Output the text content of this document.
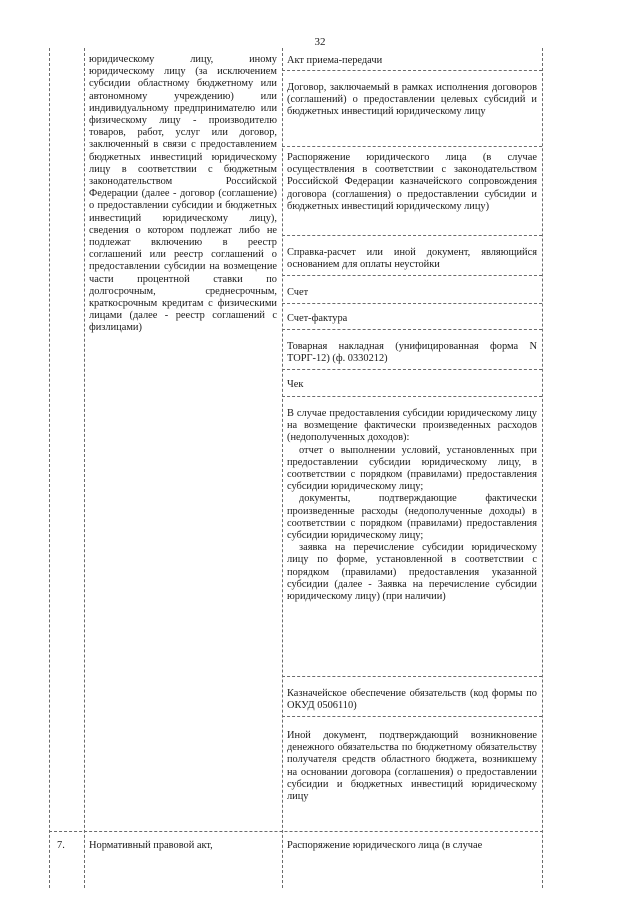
32
юридическому лицу, иному юридическому лицу (за исключением субсидии областному бюджетному или автономному учреждению) или индивидуальному предпринимателю или физическому лицу - производителю товаров, работ, услуг или договор, заключенный в связи с предоставлением бюджетных инвестиций юридическому лицу в соответствии с бюджетным законодательством Российской Федерации (далее - договор (соглашение) о предоставлении субсидии и бюджетных инвестиций юридическому лицу), сведения о котором подлежат либо не подлежат включению в реестр соглашений или реестр соглашений о предоставлении субсидии на возмещение части процентной ставки по долгосрочным, среднесрочным, краткосрочным кредитам с физическими лицами (далее - реестр соглашений с физлицами)
Акт приема-передачи
Договор, заключаемый в рамках исполнения договоров (соглашений) о предоставлении целевых субсидий и бюджетных инвестиций юридическому лицу
Распоряжение юридического лица (в случае осуществления в соответствии с законодательством Российской Федерации казначейского сопровождения договора (соглашения) о предоставлении субсидии и бюджетных инвестиций юридическому лицу)
Справка-расчет или иной документ, являющийся основанием для оплаты неустойки
Счет
Счет-фактура
Товарная накладная (унифицированная форма N ТОРГ-12) (ф. 0330212)
Чек

В случае предоставления субсидии юридическому лицу на возмещение фактически произведенных расходов (недополученных доходов):

отчет о выполнении условий, установленных при предоставлении субсидии юридическому лицу, в соответствии с порядком (правилами) предоставления субсидии юридическому лицу;

документы, подтверждающие фактически произведенные расходы (недополученные доходы) в соответствии с порядком (правилами) предоставления субсидии юридическому лицу;

заявка на перечисление субсидии юридическому лицу по форме, установленной в соответствии с порядком (правилами) предоставления указанной субсидии (далее - Заявка на перечисление субсидии юридическому лицу) (при наличии)

Казначейское обеспечение обязательств (код формы по ОКУД 0506110)
Иной документ, подтверждающий возникновение денежного обязательства по бюджетному обязательству получателя средств областного бюджета, возникшему на основании договора (соглашения) о предоставлении субсидии и бюджетных инвестиций юридическому лицу
7. Нормативный правовой акт,	Распоряжение юридического лица (в случае
